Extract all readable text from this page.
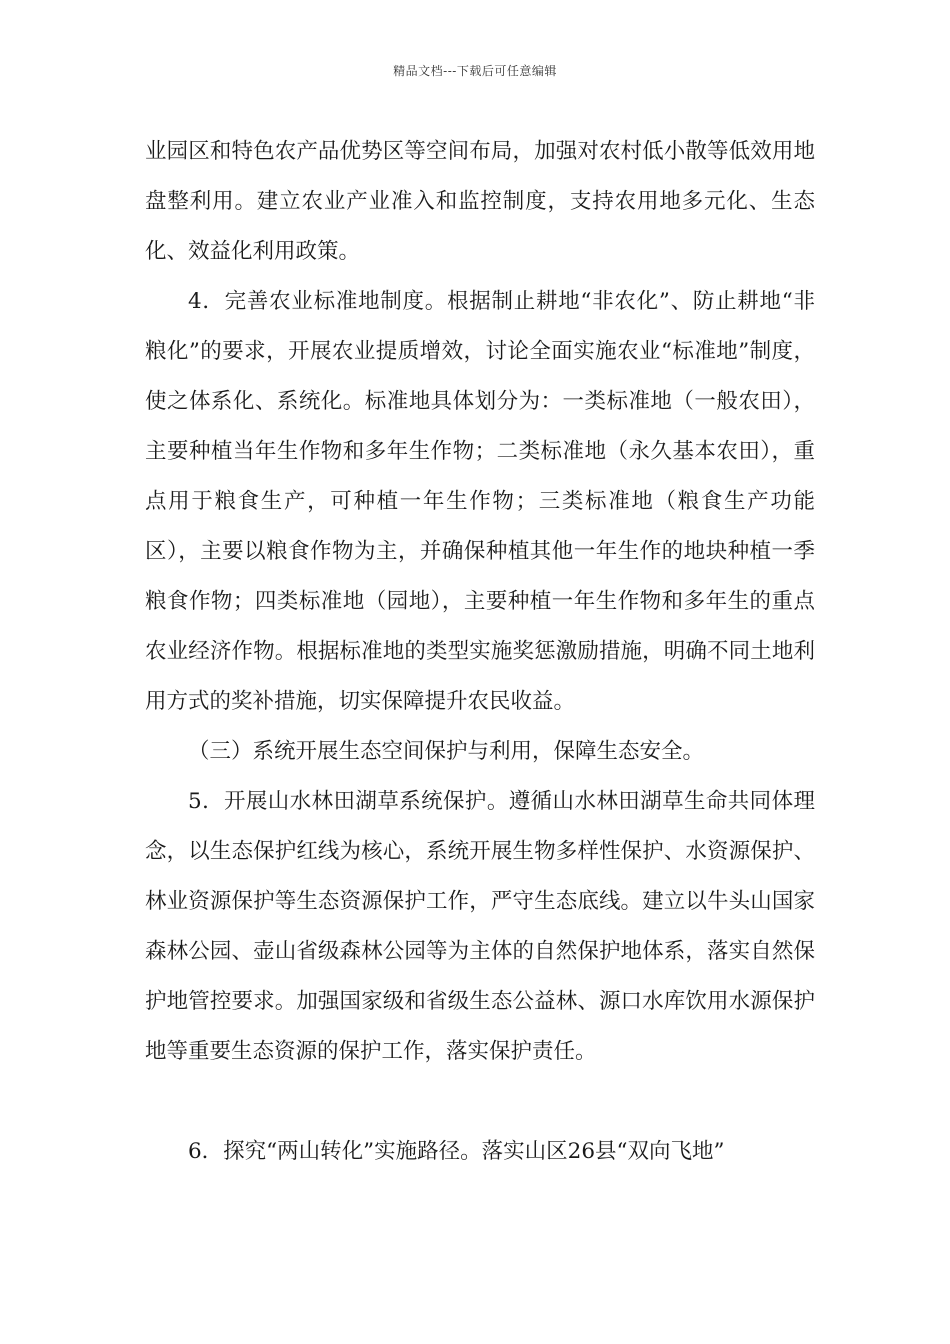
精品文档---下载后可任意编辑

业园区和特色农产品优势区等空间布局，加强对农村低小散等低效用地盘整利用。建立农业产业准入和监控制度，支持农用地多元化、生态化、效益化利用政策。

4．完善农业标准地制度。根据制止耕地“非农化”、防止耕地“非粮化”的要求，开展农业提质增效，讨论全面实施农业“标准地”制度，使之体系化、系统化。标准地具体划分为：一类标准地（一般农田），主要种植当年生作物和多年生作物；二类标准地（永久基本农田），重点用于粮食生产，可种植一年生作物；三类标准地（粮食生产功能区），主要以粮食作物为主，并确保种植其他一年生作的地块种植一季粮食作物；四类标准地（园地），主要种植一年生作物和多年生的重点农业经济作物。根据标准地的类型实施奖惩激励措施，明确不同土地利用方式的奖补措施，切实保障提升农民收益。

（三）系统开展生态空间保护与利用，保障生态安全。

5．开展山水林田湖草系统保护。遵循山水林田湖草生命共同体理念，以生态保护红线为核心，系统开展生物多样性保护、水资源保护、林业资源保护等生态资源保护工作，严守生态底线。建立以牛头山国家森林公园、壶山省级森林公园等为主体的自然保护地体系，落实自然保护地管控要求。加强国家级和省级生态公益林、源口水库饮用水源保护地等重要生态资源的保护工作，落实保护责任。

6．探究“两山转化”实施路径。落实山区26县“双向飞地”
